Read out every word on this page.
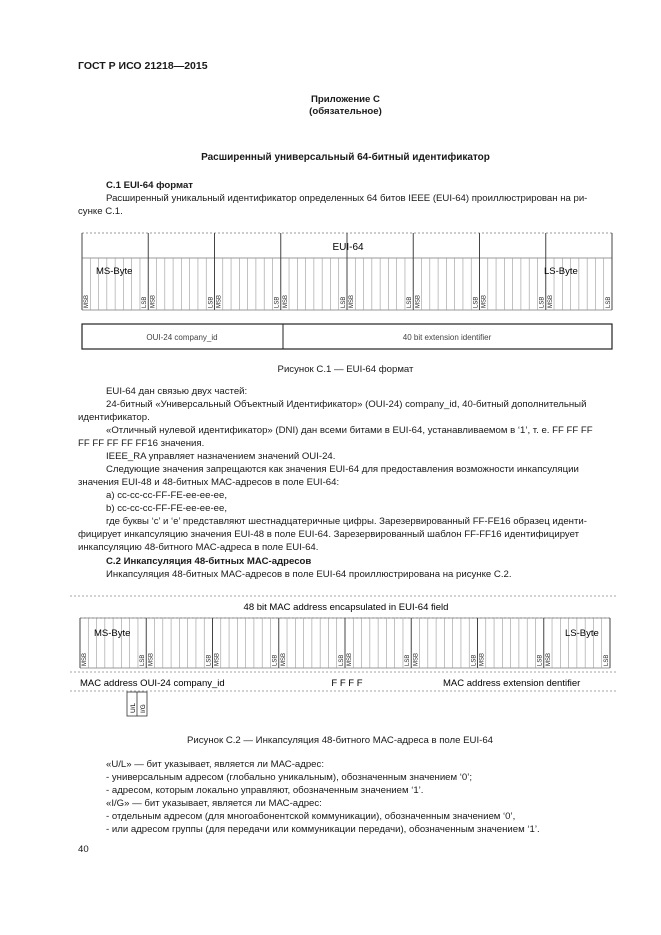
ГОСТ Р ИСО 21218—2015
Приложение С
(обязательное)
Расширенный универсальный 64-битный идентификатор
С.1 EUI-64 формат
Расширенный уникальный идентификатор определенных 64 битов IEEE (EUI-64) проиллюстрирован на ри-
сунке С.1.
MSB	LSB MSB	LSB MSB	LSB MSB	LSB MSB	LSB MSB	LSB MSB	LSB MSB	LSB
EUI-64
MS-Byte	LS-Byte
OUI-24 company_id	40 bit extension identifier
Рисунок С.1 — EUI-64 формат
EUI-64 дан связью двух частей:
24-битный «Универсальный Объектный Идентификатор» (OUI-24) company_id, 40-битный дополнительный
идентификатор.
«Отличный нулевой идентификатор» (DNI) дан всеми битами в EUI-64, устанавливаемом в ‘1’, т. е. FF FF FF
FF FF FF FF FF16 значения.
IEEE_RA управляет назначением значений OUI-24.
Следующие значения запрещаются как значения EUI-64 для предоставления возможности инкапсуляции
значения EUI-48 и 48-битных МАС-адресов в поле EUI-64:
a) cc-cc-cc-FF-FE-ee-ee-ee,
b) cc-cc-cc-FF-FE-ee-ee-ee,
где буквы ‘c’ и ‘e’ представляют шестнадцатеричные цифры. Зарезервированный FF-FE16 образец иденти-
фицирует инкапсуляцию значения EUI-48 в поле EUI-64. Зарезервированный шаблон FF-FF16 идентифицирует
инкапсуляцию 48-битного МАС-адреса в поле EUI-64.
С.2 Инкапсуляция 48-битных МАС-адресов
Инкапсуляция 48-битных МАС-адресов в поле EUI-64 проиллюстрирована на рисунке С.2.
MSB	LSB MSB	LSB MSB	LSB MSB	LSB MSB	LSB MSB	LSB MSB	LSB MSB	LSB
48 bit MAC address encapsulated in EUI-64 field
MS-Byte	LS-Byte
MAC address OUI-24 company_id	F F F F	MAC address extension dentifier
U/L I/G
Рисунок С.2 — Инкапсуляция 48-битного МАС-адреса в поле EUI-64
«U/L» — бит указывает, является ли МАС-адрес:
- универсальным адресом (глобально уникальным), обозначенным значением ‘0’;
- адресом, которым локально управляют, обозначенным значением ‘1’.
«I/G» — бит указывает, является ли МАС-адрес:
- отдельным адресом (для многоабонентской коммуникации), обозначенным значением ‘0’,
- или адресом группы (для передачи или коммуникации передачи), обозначенным значением ‘1’.
40
